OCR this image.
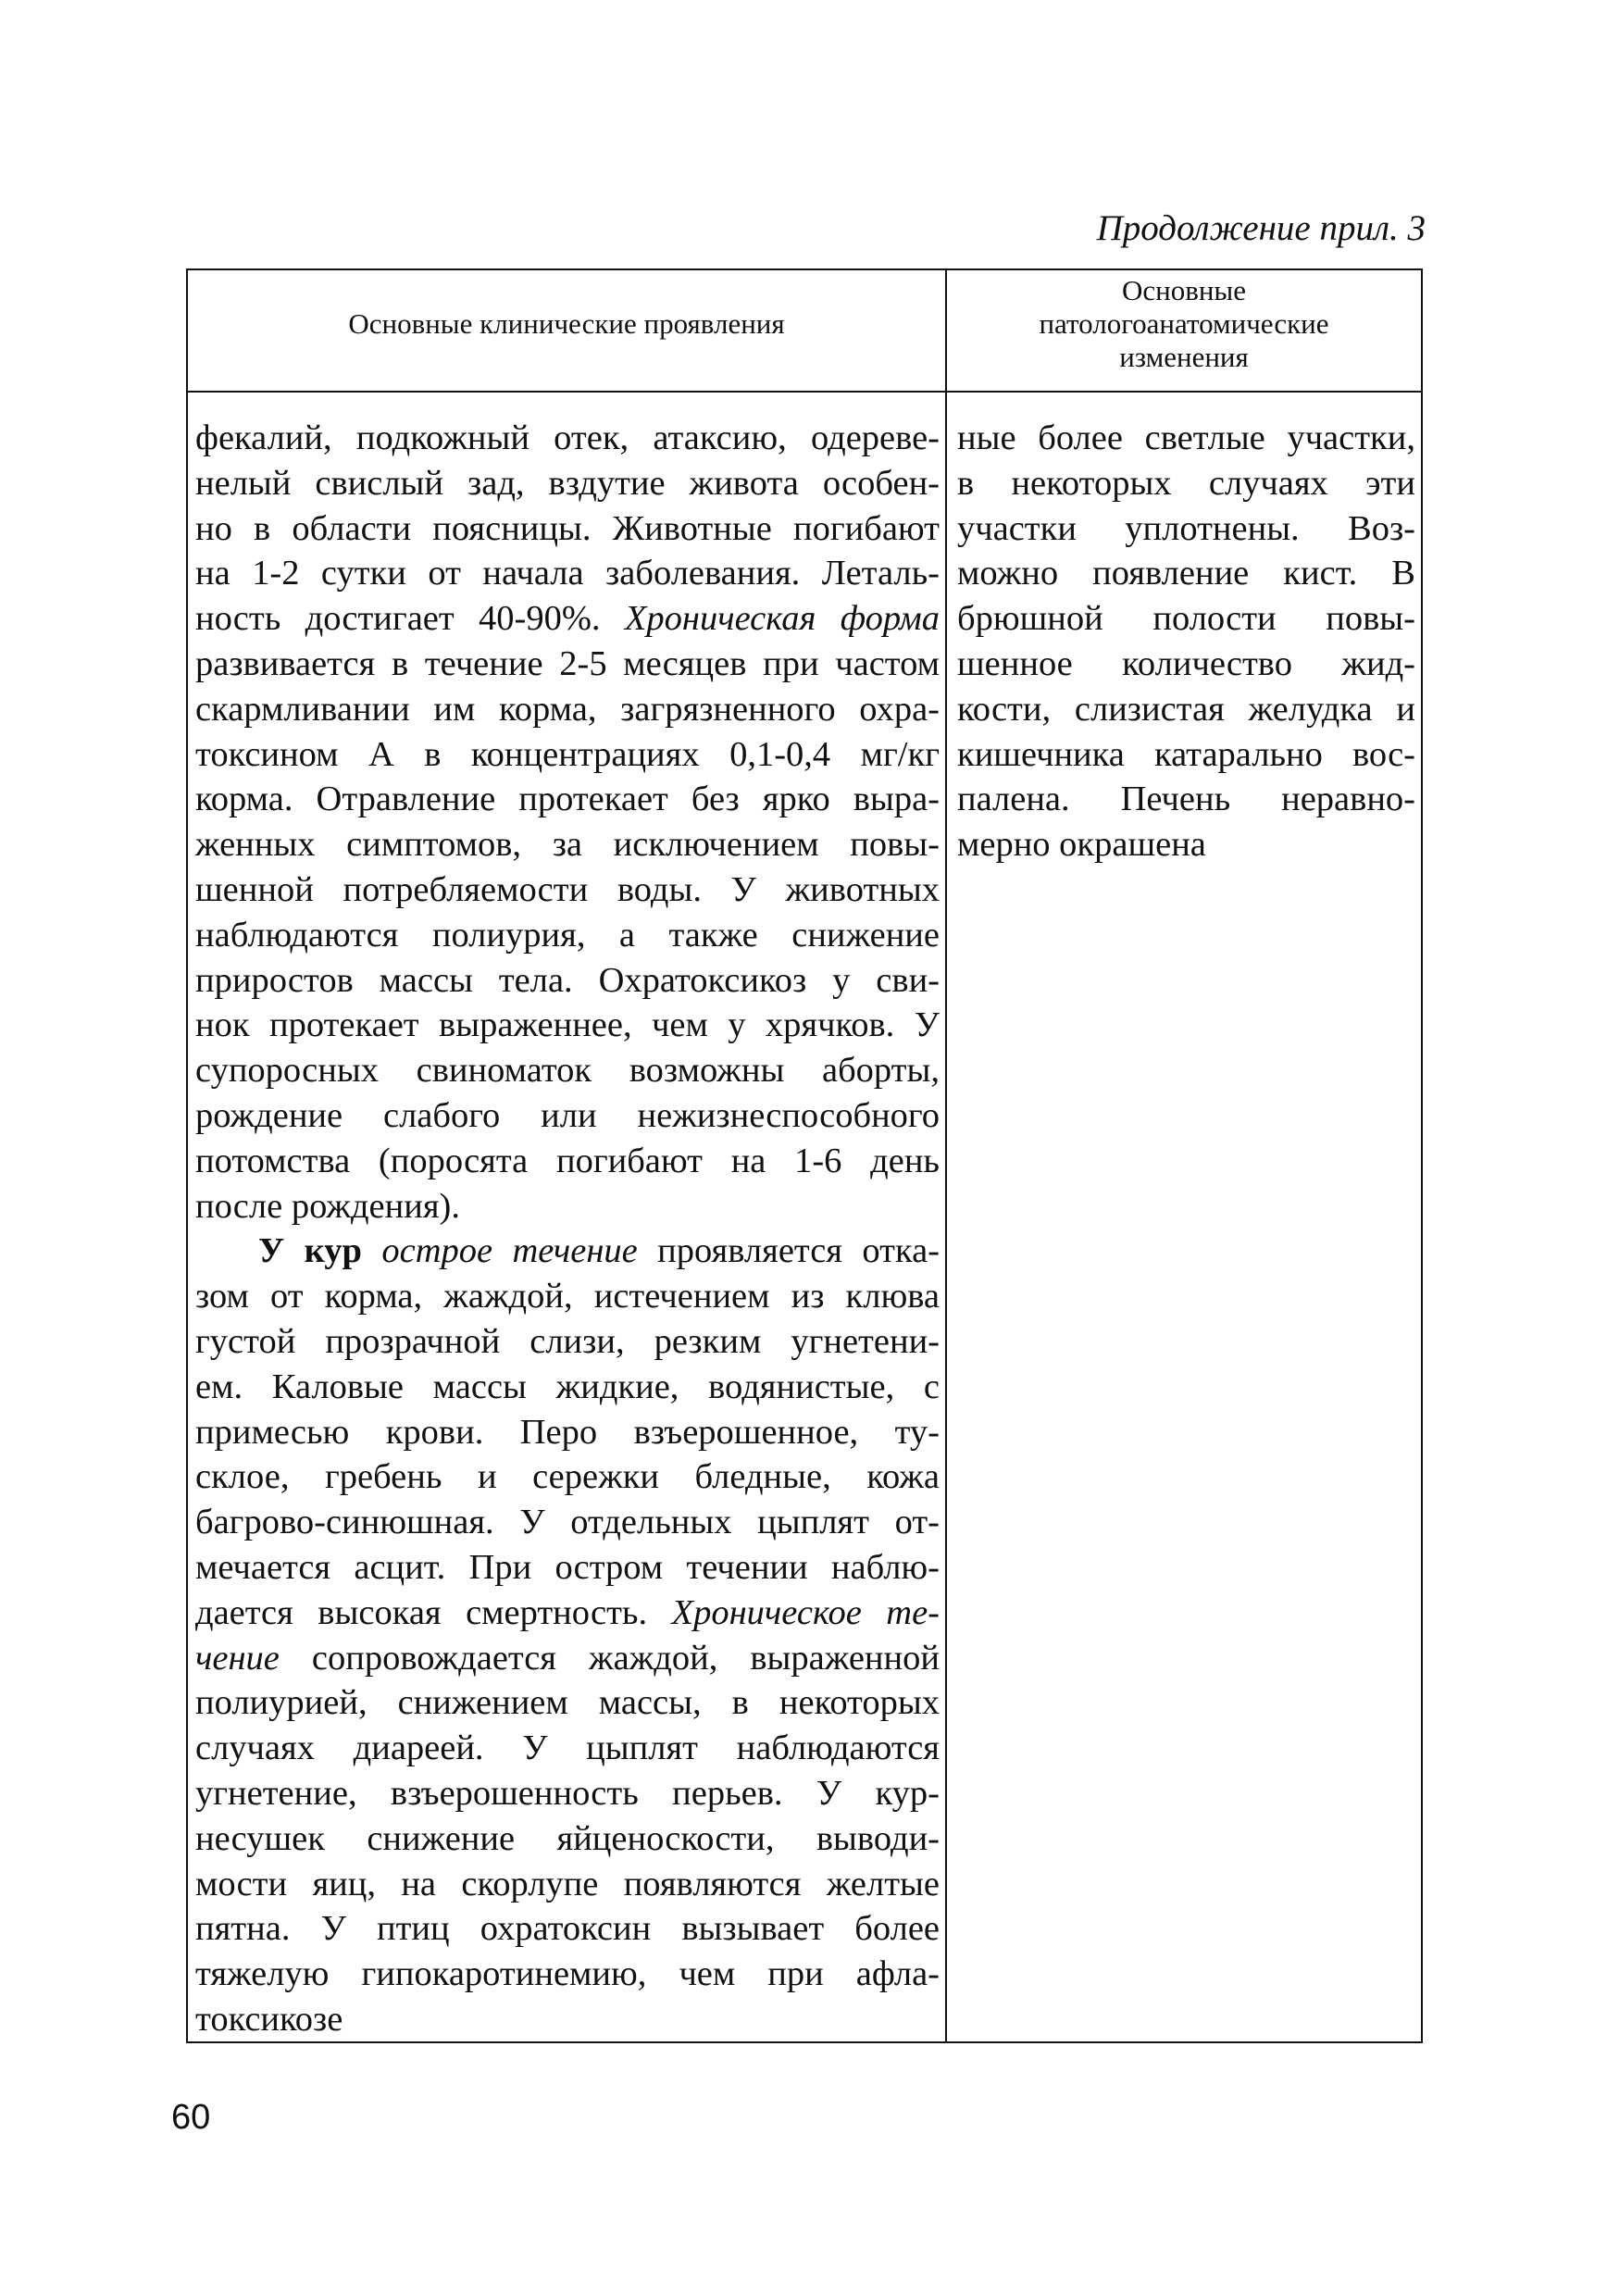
Продолжение прил. 3
Основные клинические проявления
Основные
патологоанатомические
изменения
фекалий, подкожный отек, атаксию, одереве-
нелый свислый зад, вздутие живота особен-
но в области поясницы. Животные погибают
на 1-2 сутки от начала заболевания. Леталь-
ность достигает 40-90%. Хроническая форма
развивается в течение 2-5 месяцев при частом
скармливании им корма, загрязненного охра-
токсином А в концентрациях 0,1-0,4 мг/кг
корма. Отравление протекает без ярко выра-
женных симптомов, за исключением повы-
шенной потребляемости воды. У животных
наблюдаются полиурия, а также снижение
приростов массы тела. Охратоксикоз у сви-
нок протекает выраженнее, чем у хрячков. У
супоросных свиноматок возможны аборты,
рождение слабого или нежизнеспособного
потомства (поросята погибают на 1-6 день
после рождения).
У кур острое течение проявляется отка-
зом от корма, жаждой, истечением из клюва
густой прозрачной слизи, резким угнетени-
ем. Каловые массы жидкие, водянистые, с
примесью крови. Перо взъерошенное, ту-
склое, гребень и сережки бледные, кожа
багрово-синюшная. У отдельных цыплят от-
мечается асцит. При остром течении наблю-
дается высокая смертность. Хроническое те-
чение сопровождается жаждой, выраженной
полиурией, снижением массы, в некоторых
случаях диареей. У цыплят наблюдаются
угнетение, взъерошенность перьев. У кур-
несушек снижение яйценоскости, выводи-
мости яиц, на скорлупе появляются желтые
пятна. У птиц охратоксин вызывает более
тяжелую гипокаротинемию, чем при афла-
токсикозе
ные более светлые участки,
в некоторых случаях эти
участки уплотнены. Воз-
можно появление кист. В
брюшной полости повы-
шенное количество жид-
кости, слизистая желудка и
кишечника катарально вос-
палена. Печень неравно-
мерно окрашена
60
